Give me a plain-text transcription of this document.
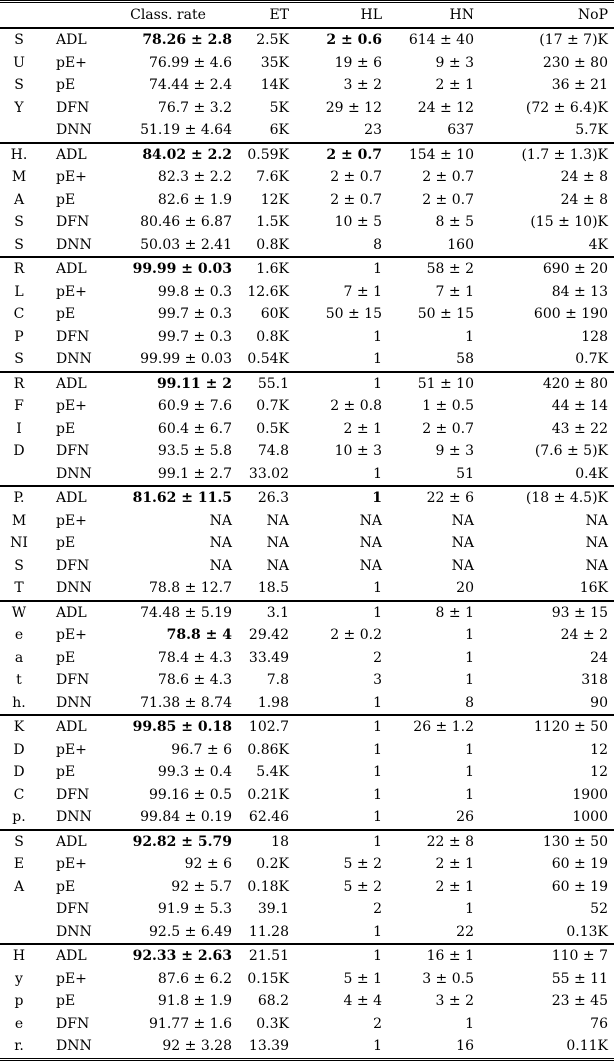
		Class. rate	ET	HL	HN	NoP
S	ADL	78.26 ± 2.8	2.5K	2 ± 0.6	614 ± 40	(17 ± 7)K
U	pE+	76.99 ± 4.6	35K	19 ± 6	9 ± 3	230 ± 80
S	pE	74.44 ± 2.4	14K	3 ± 2	2 ± 1	36 ± 21
Y	DFN	76.7 ± 3.2	5K	29 ± 12	24 ± 12	(72 ± 6.4)K
	DNN	51.19 ± 4.64	6K	23	637	5.7K
H.	ADL	84.02 ± 2.2	0.59K	2 ± 0.7	154 ± 10	(1.7 ± 1.3)K
M	pE+	82.3 ± 2.2	7.6K	2 ± 0.7	2 ± 0.7	24 ± 8
A	pE	82.6 ± 1.9	12K	2 ± 0.7	2 ± 0.7	24 ± 8
S	DFN	80.46 ± 6.87	1.5K	10 ± 5	8 ± 5	(15 ± 10)K
S	DNN	50.03 ± 2.41	0.8K	8	160	4K
R	ADL	99.99 ± 0.03	1.6K	1	58 ± 2	690 ± 20
L	pE+	99.8 ± 0.3	12.6K	7 ± 1	7 ± 1	84 ± 13
C	pE	99.7 ± 0.3	60K	50 ± 15	50 ± 15	600 ± 190
P	DFN	99.7 ± 0.3	0.8K	1	1	128
S	DNN	99.99 ± 0.03	0.54K	1	58	0.7K
R	ADL	99.11 ± 2	55.1	1	51 ± 10	420 ± 80
F	pE+	60.9 ± 7.6	0.7K	2 ± 0.8	1 ± 0.5	44 ± 14
I	pE	60.4 ± 6.7	0.5K	2 ± 1	2 ± 0.7	43 ± 22
D	DFN	93.5 ± 5.8	74.8	10 ± 3	9 ± 3	(7.6 ± 5)K
	DNN	99.1 ± 2.7	33.02	1	51	0.4K
P.	ADL	81.62 ± 11.5	26.3	1	22 ± 6	(18 ± 4.5)K
M	pE+	NA	NA	NA	NA	NA
NI	pE	NA	NA	NA	NA	NA
S	DFN	NA	NA	NA	NA	NA
T	DNN	78.8 ± 12.7	18.5	1	20	16K
W	ADL	74.48 ± 5.19	3.1	1	8 ± 1	93 ± 15
e	pE+	78.8 ± 4	29.42	2 ± 0.2	1	24 ± 2
a	pE	78.4 ± 4.3	33.49	2	1	24
t	DFN	78.6 ± 4.3	7.8	3	1	318
h.	DNN	71.38 ± 8.74	1.98	1	8	90
K	ADL	99.85 ± 0.18	102.7	1	26 ± 1.2	1120 ± 50
D	pE+	96.7 ± 6	0.86K	1	1	12
D	pE	99.3 ± 0.4	5.4K	1	1	12
C	DFN	99.16 ± 0.5	0.21K	1	1	1900
p.	DNN	99.84 ± 0.19	62.46	1	26	1000
S	ADL	92.82 ± 5.79	18	1	22 ± 8	130 ± 50
E	pE+	92 ± 6	0.2K	5 ± 2	2 ± 1	60 ± 19
A	pE	92 ± 5.7	0.18K	5 ± 2	2 ± 1	60 ± 19
	DFN	91.9 ± 5.3	39.1	2	1	52
	DNN	92.5 ± 6.49	11.28	1	22	0.13K
H	ADL	92.33 ± 2.63	21.51	1	16 ± 1	110 ± 7
y	pE+	87.6 ± 6.2	0.15K	5 ± 1	3 ± 0.5	55 ± 11
p	pE	91.8 ± 1.9	68.2	4 ± 4	3 ± 2	23 ± 45
e	DFN	91.77 ± 1.6	0.3K	2	1	76
r.	DNN	92 ± 3.28	13.39	1	16	0.11K
